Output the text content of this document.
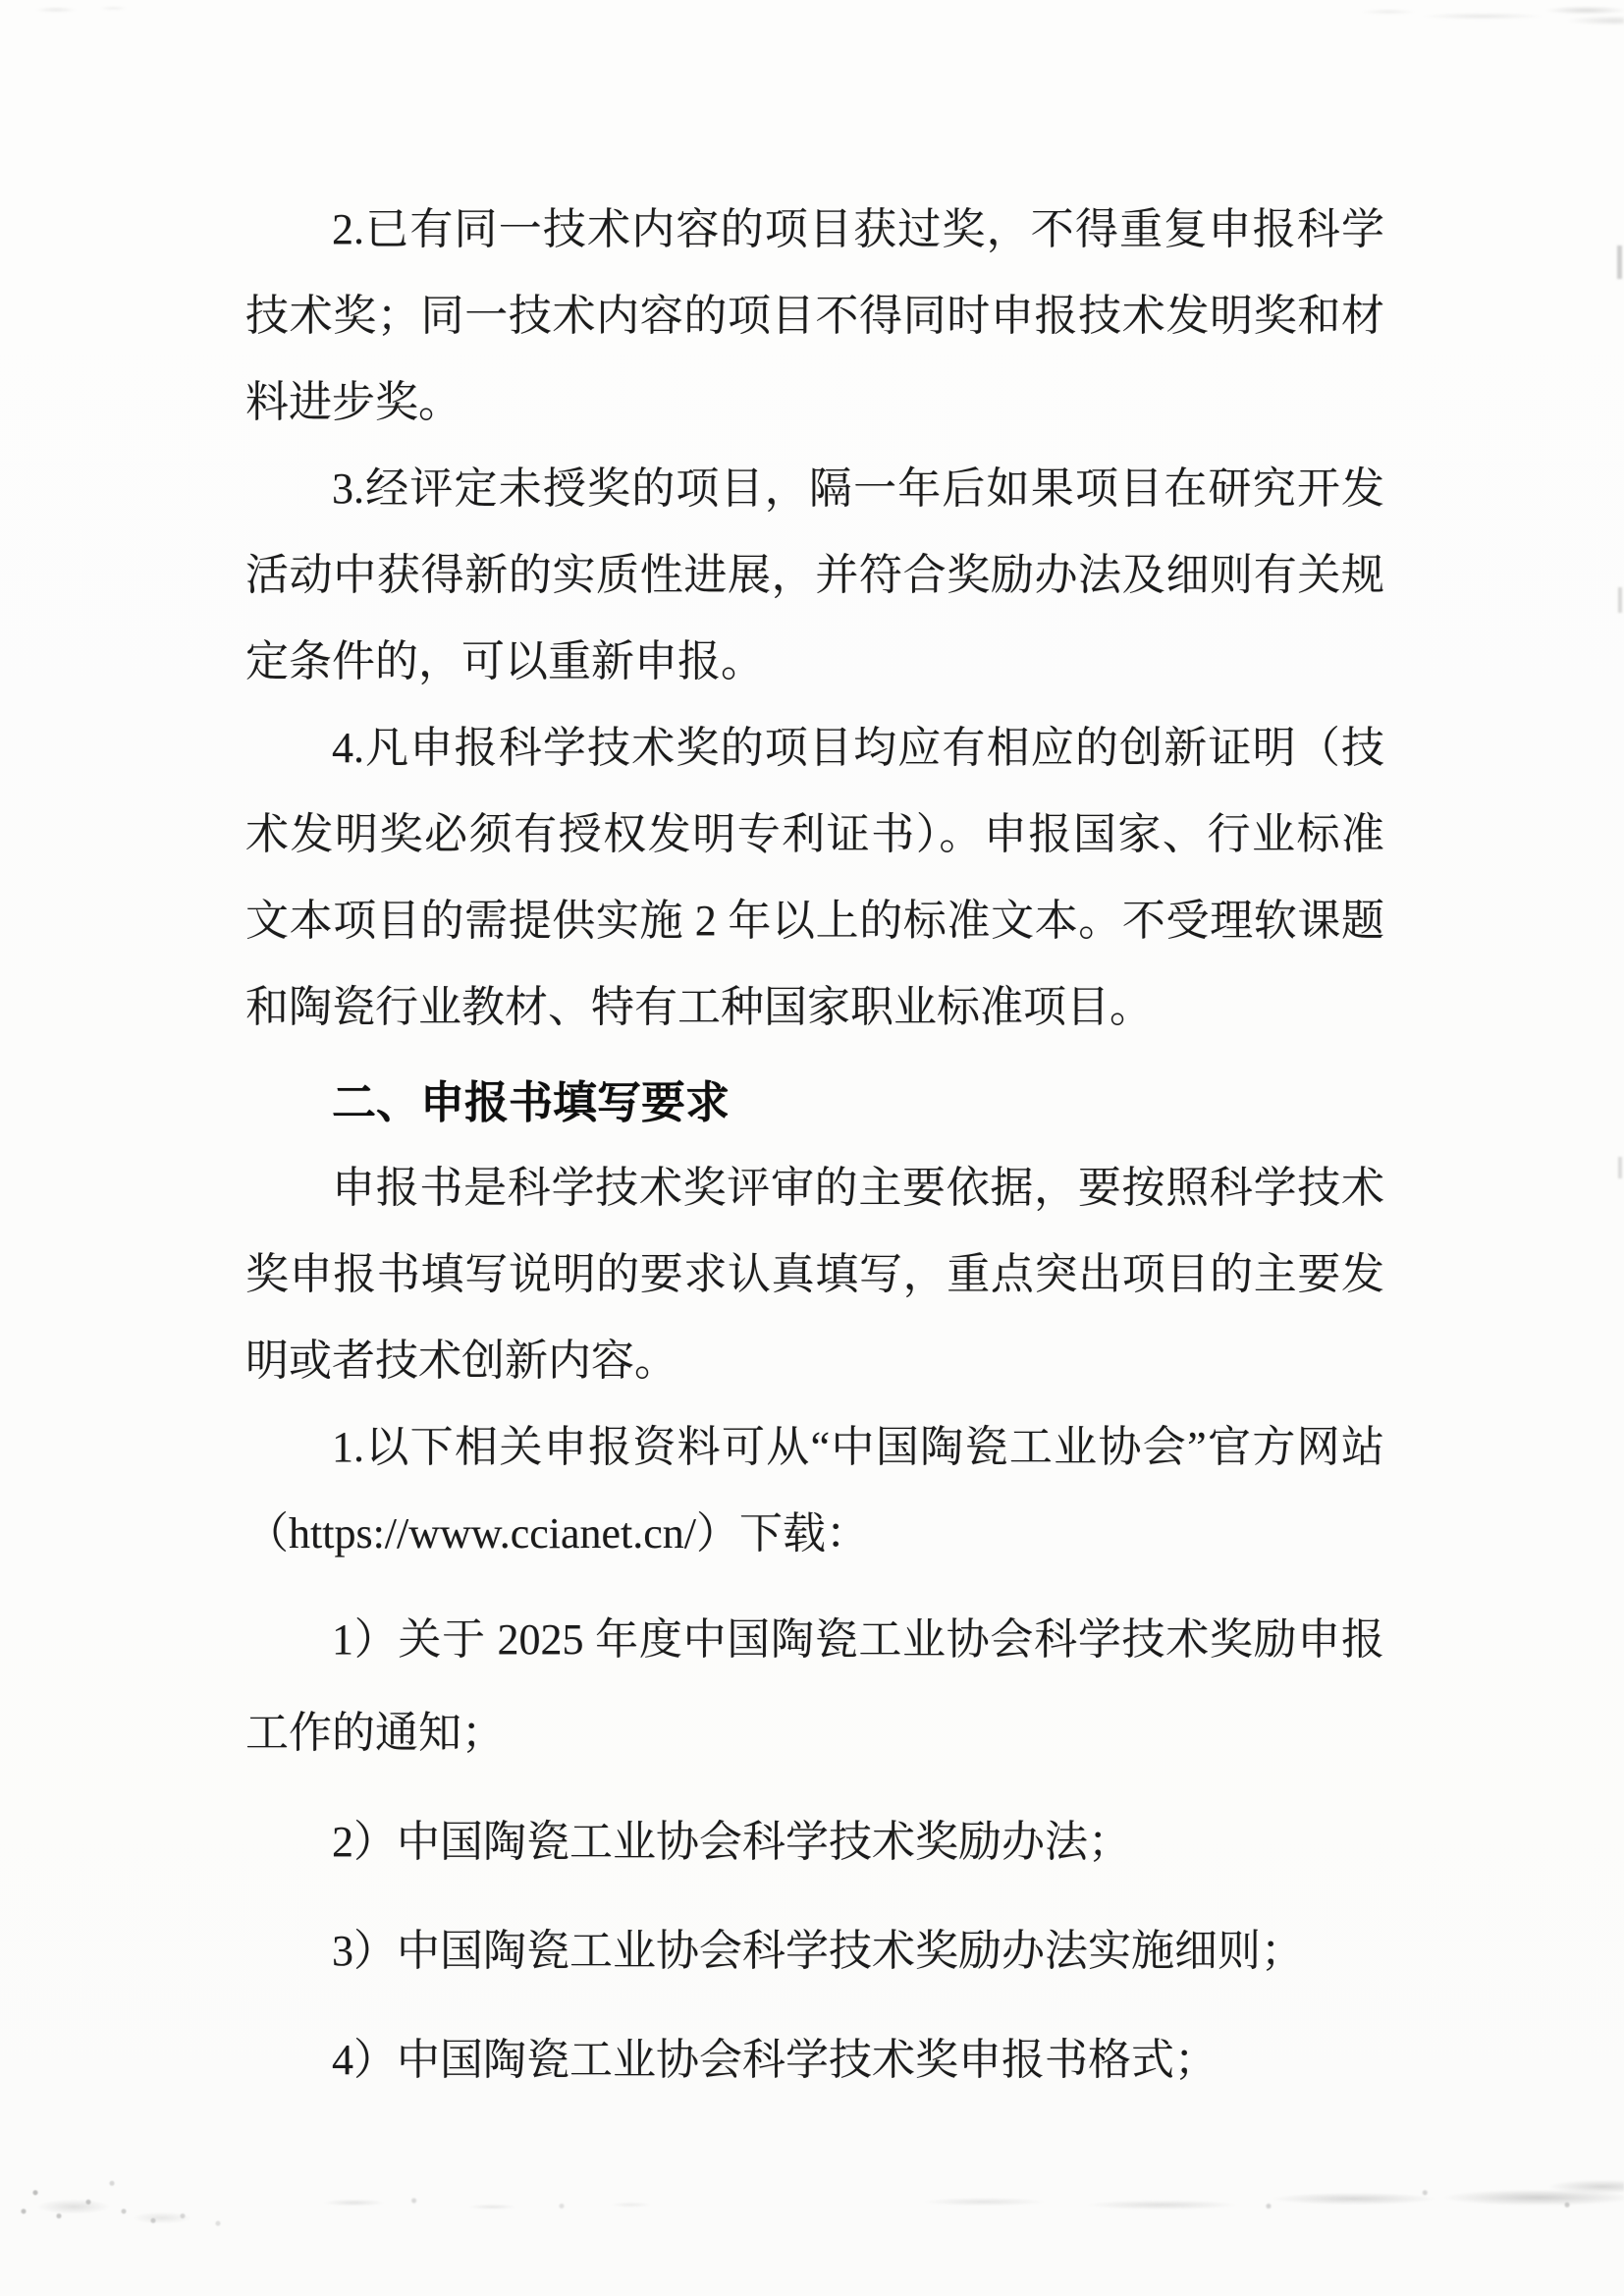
2.已有同一技术内容的项目获过奖，不得重复申报科学技术奖；同一技术内容的项目不得同时申报技术发明奖和材料进步奖。

3.经评定未授奖的项目，隔一年后如果项目在研究开发活动中获得新的实质性进展，并符合奖励办法及细则有关规定条件的，可以重新申报。

4.凡申报科学技术奖的项目均应有相应的创新证明（技术发明奖必须有授权发明专利证书）。申报国家、行业标准文本项目的需提供实施 2 年以上的标准文本。不受理软课题和陶瓷行业教材、特有工种国家职业标准项目。

二、申报书填写要求

申报书是科学技术奖评审的主要依据，要按照科学技术奖申报书填写说明的要求认真填写，重点突出项目的主要发明或者技术创新内容。

1.以下相关申报资料可从“中国陶瓷工业协会”官方网站（https://www.ccianet.cn/）下载：

1）关于 2025 年度中国陶瓷工业协会科学技术奖励申报工作的通知；

2）中国陶瓷工业协会科学技术奖励办法；

3）中国陶瓷工业协会科学技术奖励办法实施细则；

4）中国陶瓷工业协会科学技术奖申报书格式；
